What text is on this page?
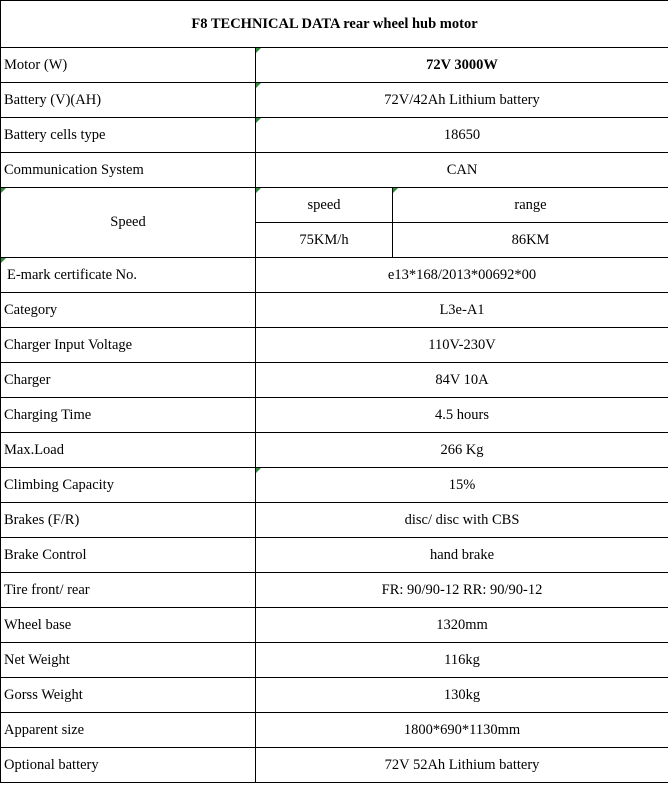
F8 TECHNICAL DATA rear wheel hub motor		
Motor (W)	72V 3000W	
Battery (V)(AH)	72V/42Ah Lithium battery	
Battery cells type	18650	
Communication System	CAN	
Speed	speed	range
	75KM/h	86KM
E-mark certificate No.	e13*168/2013*00692*00	
Category	L3e-A1	
Charger Input Voltage	110V-230V	
Charger	84V 10A	
Charging Time	4.5 hours	
Max.Load	266 Kg	
Climbing Capacity	15%	
Brakes (F/R)	disc/ disc with CBS	
Brake Control	hand brake	
Tire front/ rear	FR: 90/90-12 RR: 90/90-12	
Wheel base	1320mm	
Net Weight	116kg	
Gorss Weight	130kg	
Apparent size	1800*690*1130mm	
Optional battery	72V 52Ah Lithium battery	
